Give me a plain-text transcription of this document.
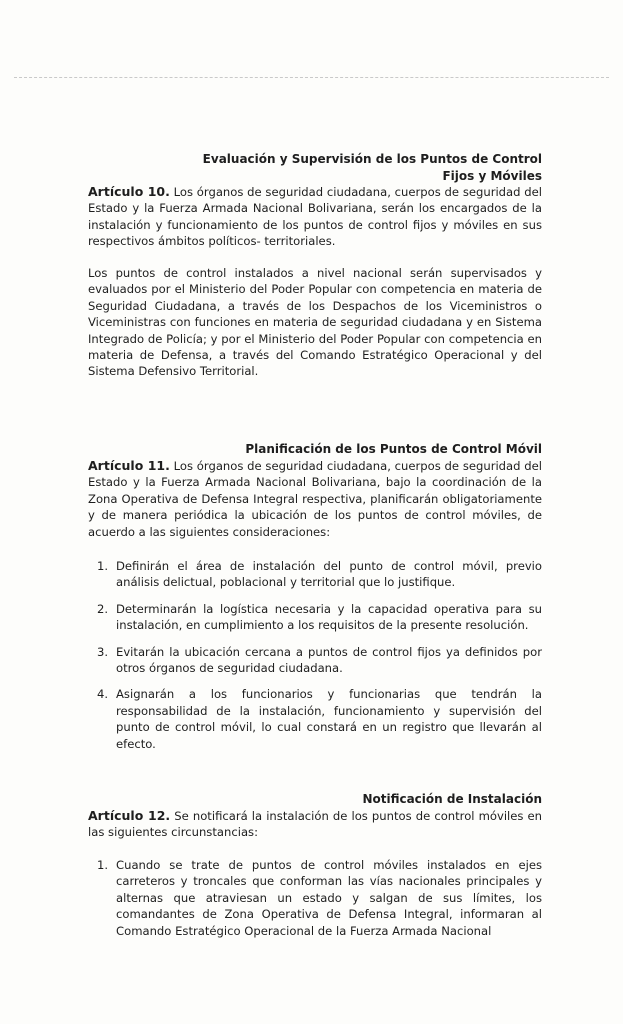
Evaluación y Supervisión de los Puntos de Control
Fijos y Móviles

Artículo 10. Los órganos de seguridad ciudadana, cuerpos de seguridad del Estado y la Fuerza Armada Nacional Bolivariana, serán los encargados de la instalación y funcionamiento de los puntos de control fijos y móviles en sus respectivos ámbitos políticos- territoriales.

Los puntos de control instalados a nivel nacional serán supervisados y evaluados por el Ministerio del Poder Popular con competencia en materia de Seguridad Ciudadana, a través de los Despachos de los Viceministros o Viceministras con funciones en materia de seguridad ciudadana y en Sistema Integrado de Policía; y por el Ministerio del Poder Popular con competencia en materia de Defensa, a través del Comando Estratégico Operacional y del Sistema Defensivo Territorial.

Planificación de los Puntos de Control Móvil

Artículo 11. Los órganos de seguridad ciudadana, cuerpos de seguridad del Estado y la Fuerza Armada Nacional Bolivariana, bajo la coordinación de la Zona Operativa de Defensa Integral respectiva, planificarán obligatoriamente y de manera periódica la ubicación de los puntos de control móviles, de acuerdo a las siguientes consideraciones:

1. Definirán el área de instalación del punto de control móvil, previo análisis delictual, poblacional y territorial que lo justifique.
2. Determinarán la logística necesaria y la capacidad operativa para su instalación, en cumplimiento a los requisitos de la presente resolución.
3. Evitarán la ubicación cercana a puntos de control fijos ya definidos por otros órganos de seguridad ciudadana.
4. Asignarán a los funcionarios y funcionarias que tendrán la responsabilidad de la instalación, funcionamiento y supervisión del punto de control móvil, lo cual constará en un registro que llevarán al efecto.
Notificación de Instalación

Artículo 12. Se notificará la instalación de los puntos de control móviles en las siguientes circunstancias:

1. Cuando se trate de puntos de control móviles instalados en ejes carreteros y troncales que conforman las vías nacionales principales y alternas que atraviesan un estado y salgan de sus límites, los comandantes de Zona Operativa de Defensa Integral, informaran al Comando Estratégico Operacional de la Fuerza Armada Nacional
